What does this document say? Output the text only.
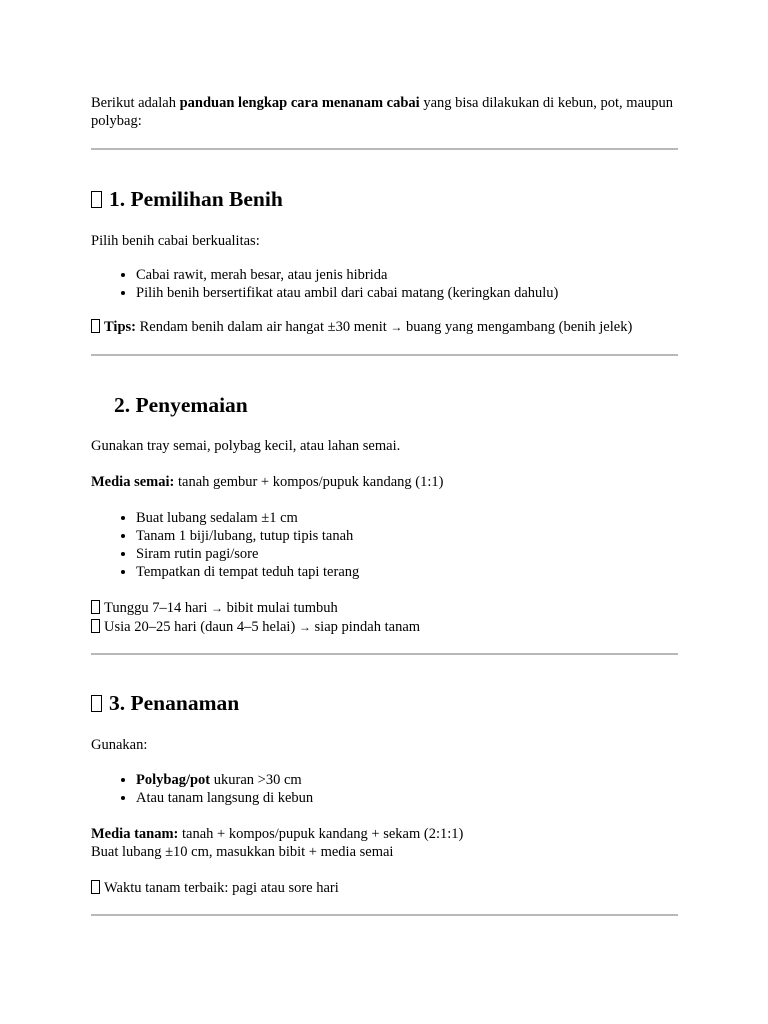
Berikut adalah panduan lengkap cara menanam cabai yang bisa dilakukan di kebun, pot, maupun polybag:

1. Pemilihan Benih

Pilih benih cabai berkualitas:

• Cabai rawit, merah besar, atau jenis hibrida
• Pilih benih bersertifikat atau ambil dari cabai matang (keringkan dahulu)

Tips: Rendam benih dalam air hangat ±30 menit → buang yang mengambang (benih jelek)

2. Penyemaian

Gunakan tray semai, polybag kecil, atau lahan semai.

Media semai: tanah gembur + kompos/pupuk kandang (1:1)

• Buat lubang sedalam ±1 cm
• Tanam 1 biji/lubang, tutup tipis tanah
• Siram rutin pagi/sore
• Tempatkan di tempat teduh tapi terang

Tunggu 7–14 hari → bibit mulai tumbuh

Usia 20–25 hari (daun 4–5 helai) → siap pindah tanam

3. Penanaman

Gunakan:

• Polybag/pot ukuran >30 cm
• Atau tanam langsung di kebun

Media tanam: tanah + kompos/pupuk kandang + sekam (2:1:1)

Buat lubang ±10 cm, masukkan bibit + media semai

Waktu tanam terbaik: pagi atau sore hari
